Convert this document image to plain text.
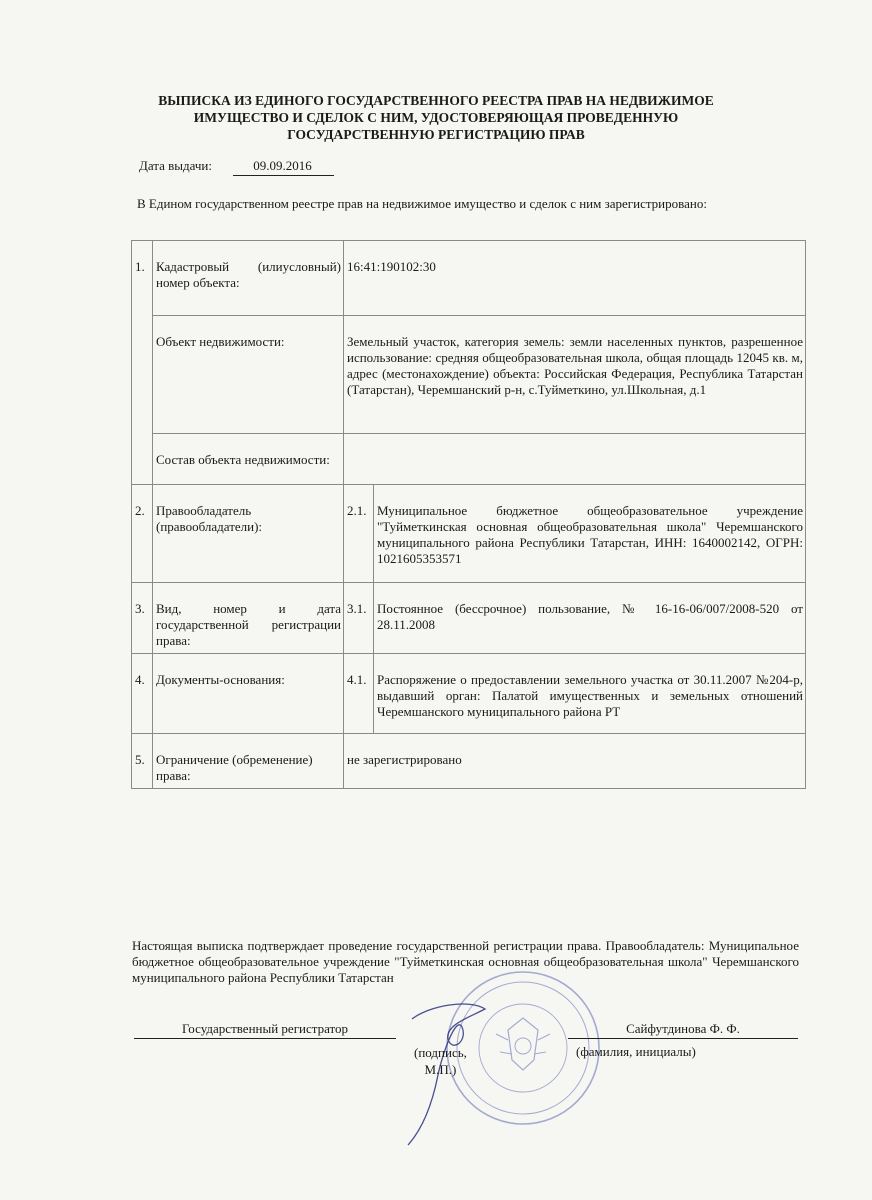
ВЫПИСКА ИЗ ЕДИНОГО ГОСУДАРСТВЕННОГО РЕЕСТРА ПРАВ НА НЕДВИЖИМОЕ
ИМУЩЕСТВО И СДЕЛОК С НИМ, УДОСТОВЕРЯЮЩАЯ ПРОВЕДЕННУЮ
ГОСУДАРСТВЕННУЮ РЕГИСТРАЦИЮ ПРАВ
Дата выдачи:	09.09.2016
В Едином государственном реестре прав на недвижимое имущество и сделок с ним зарегистрировано:
1.	Кадастровый (илиусловный) номер объекта:	16:41:190102:30	
	Объект недвижимости:	Земельный участок, категория земель: земли населенных пунктов, разрешенное использование: средняя общеобразовательная школа, общая площадь 12045 кв. м, адрес (местонахождение) объекта: Российская Федерация, Республика Татарстан (Татарстан), Черемшанский р-н, с.Туйметкино, ул.Школьная, д.1	
	Состав объекта недвижимости:		
2.	Правообладатель (правообладатели):	2.1.	Муниципальное бюджетное общеобразовательное учреждение "Туйметкинская основная общеобразовательная школа" Черемшанского муниципального района Республики Татарстан, ИНН: 1640002142, ОГРН: 1021605353571
3.	Вид, номер и дата государственной регистрации права:	3.1.	Постоянное (бессрочное) пользование, № 16-16-06/007/2008-520 от 28.11.2008
4.	Документы-основания:	4.1.	Распоряжение о предоставлении земельного участка от 30.11.2007 №204-р, выдавший орган: Палатой имущественных и земельных отношений Черемшанского муниципального района РТ
5.	Ограничение (обременение) права:	не зарегистрировано	
Настоящая выписка подтверждает проведение государственной регистрации права. Правообладатель: Муниципальное бюджетное общеобразовательное учреждение "Туйметкинская основная общеобразовательная школа" Черемшанского муниципального района Республики Татарстан
Государственный регистратор	Сайфутдинова Ф. Ф.
(подпись,
М.П.)
(фамилия, инициалы)
